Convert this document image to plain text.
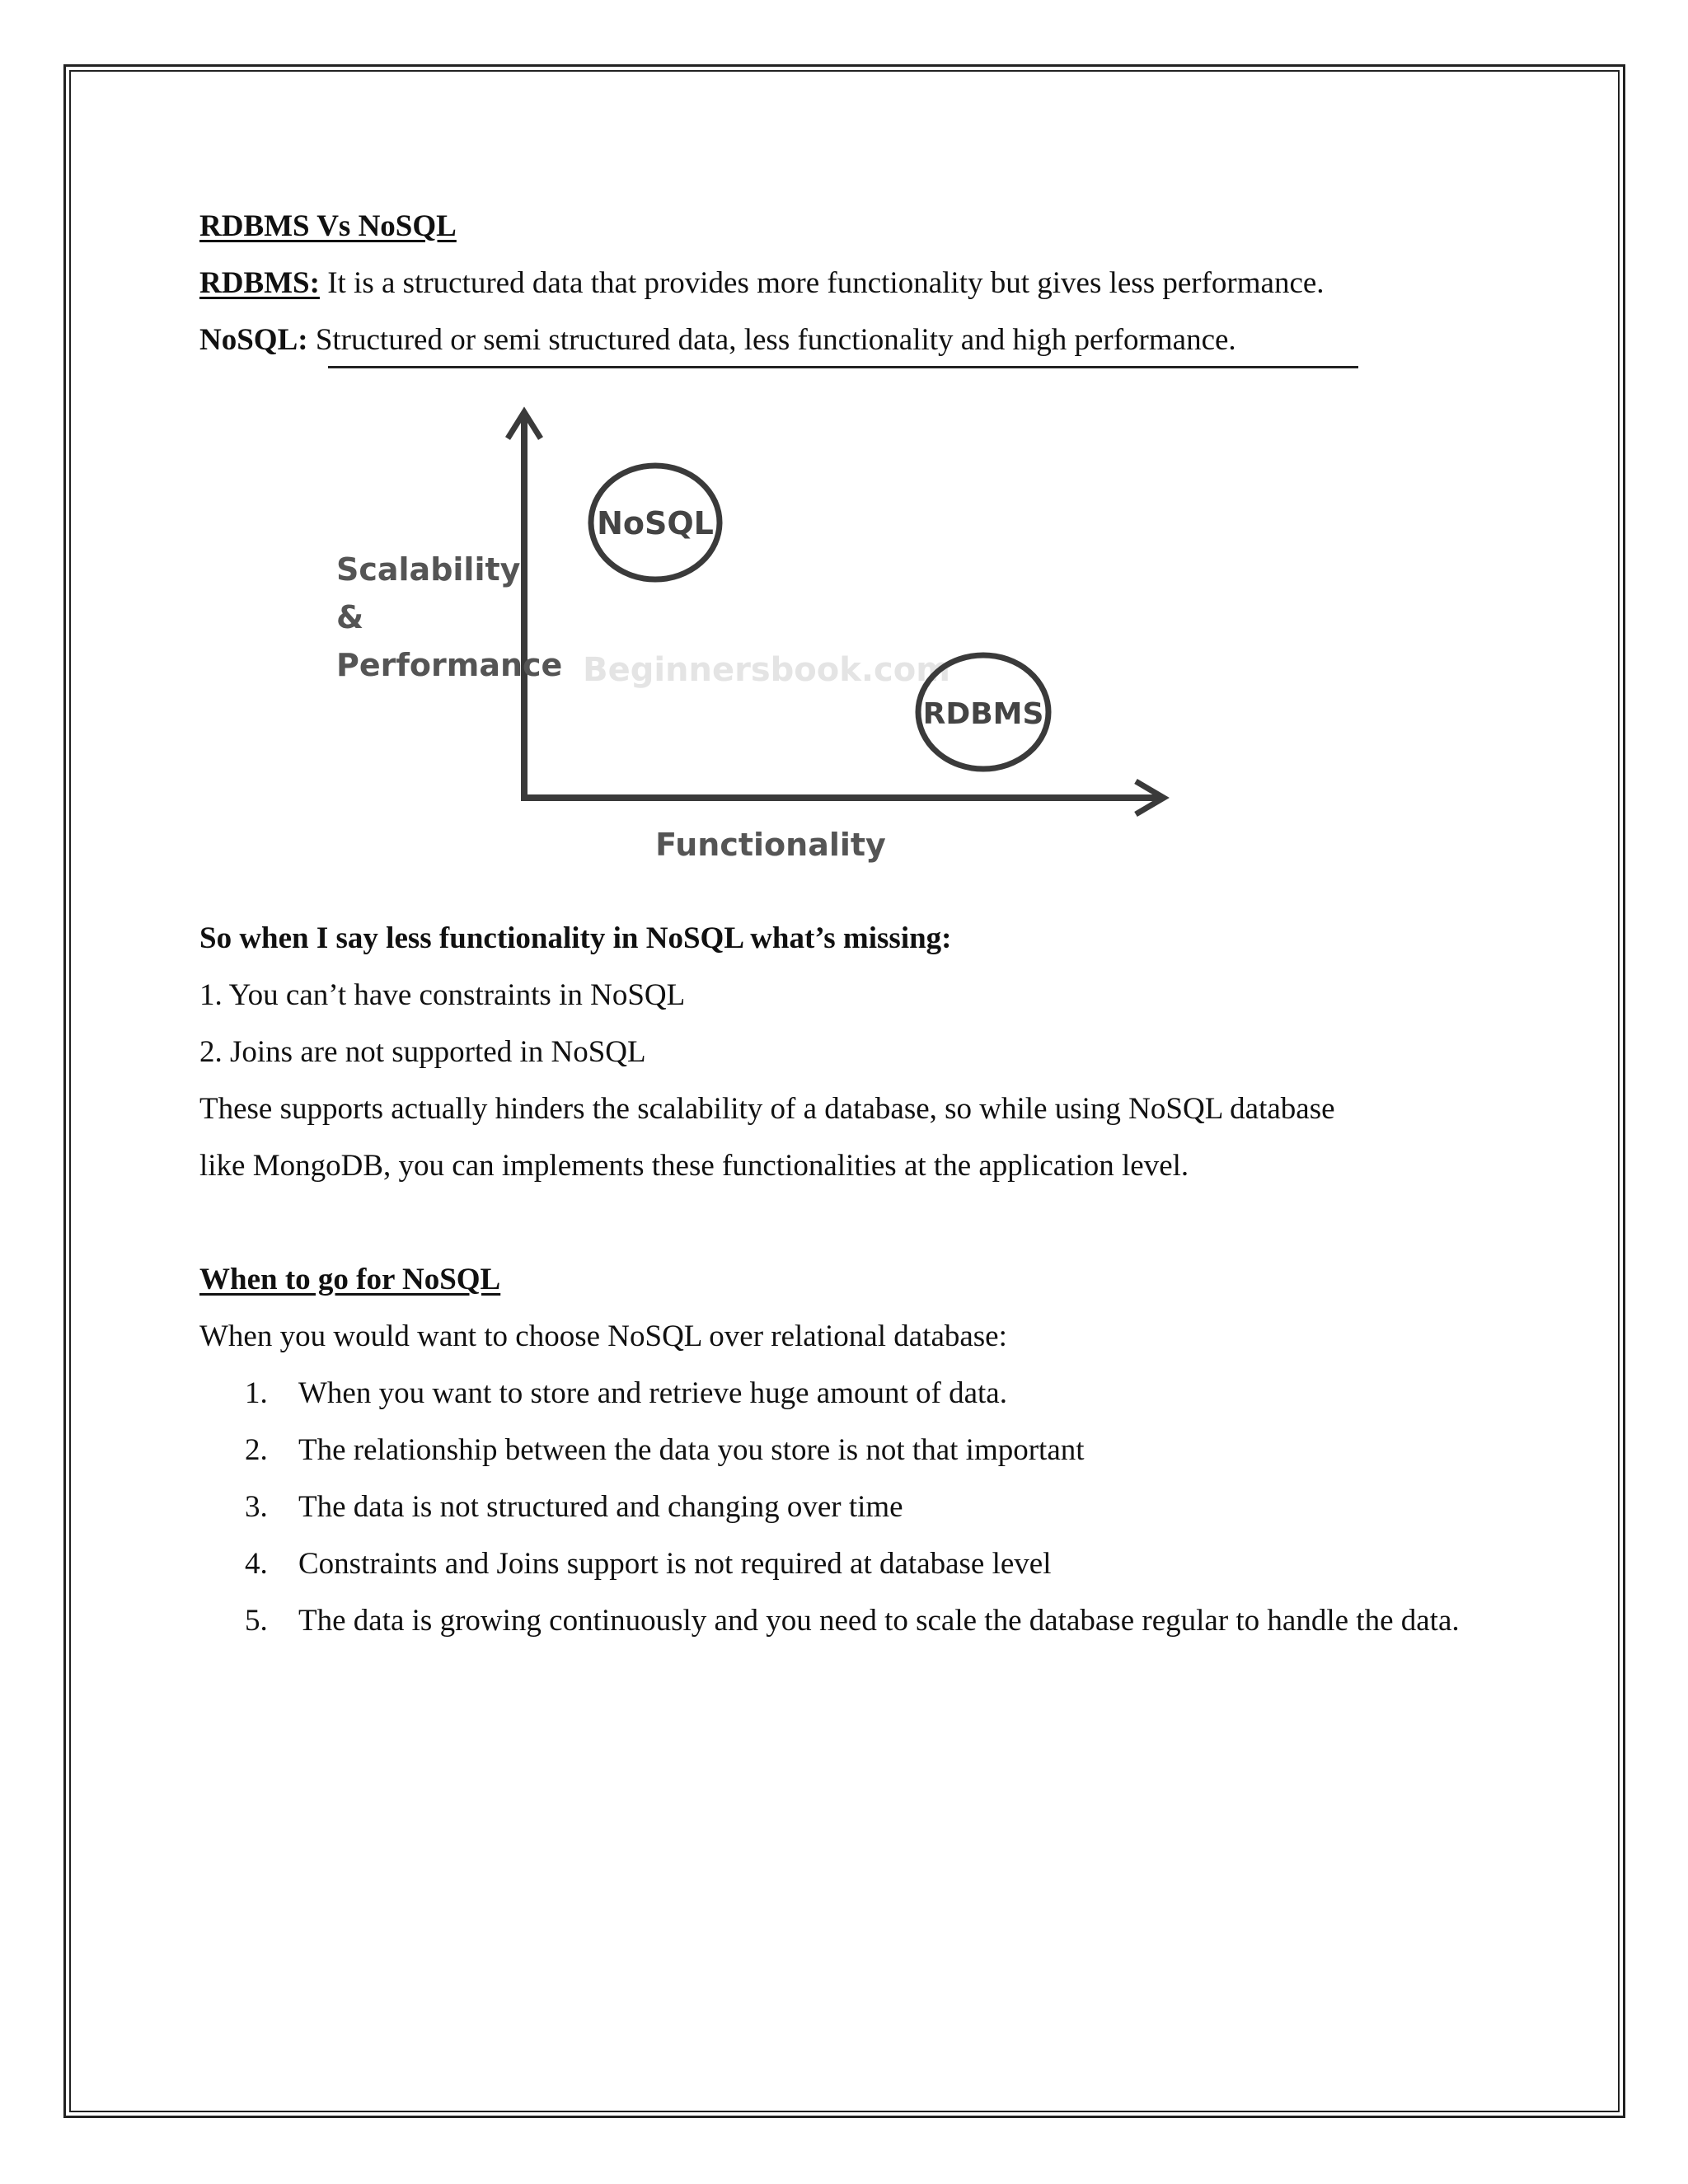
RDBMS Vs NoSQL

RDBMS: It is a structured data that provides more functionality but gives less performance.

NoSQL: Structured or semi structured data, less functionality and high performance.

Scalability
&
Performance
Functionality
Beginnersbook.com
NoSQL
RDBMS

So when I say less functionality in NoSQL what’s missing:

1. You can’t have constraints in NoSQL

2. Joins are not supported in NoSQL

These supports actually hinders the scalability of a database, so while using NoSQL database

like MongoDB, you can implements these functionalities at the application level.

When to go for NoSQL

When you would want to choose NoSQL over relational database:

1. When you want to store and retrieve huge amount of data.
2. The relationship between the data you store is not that important
3. The data is not structured and changing over time
4. Constraints and Joins support is not required at database level
5. The data is growing continuously and you need to scale the database regular to handle the data.
